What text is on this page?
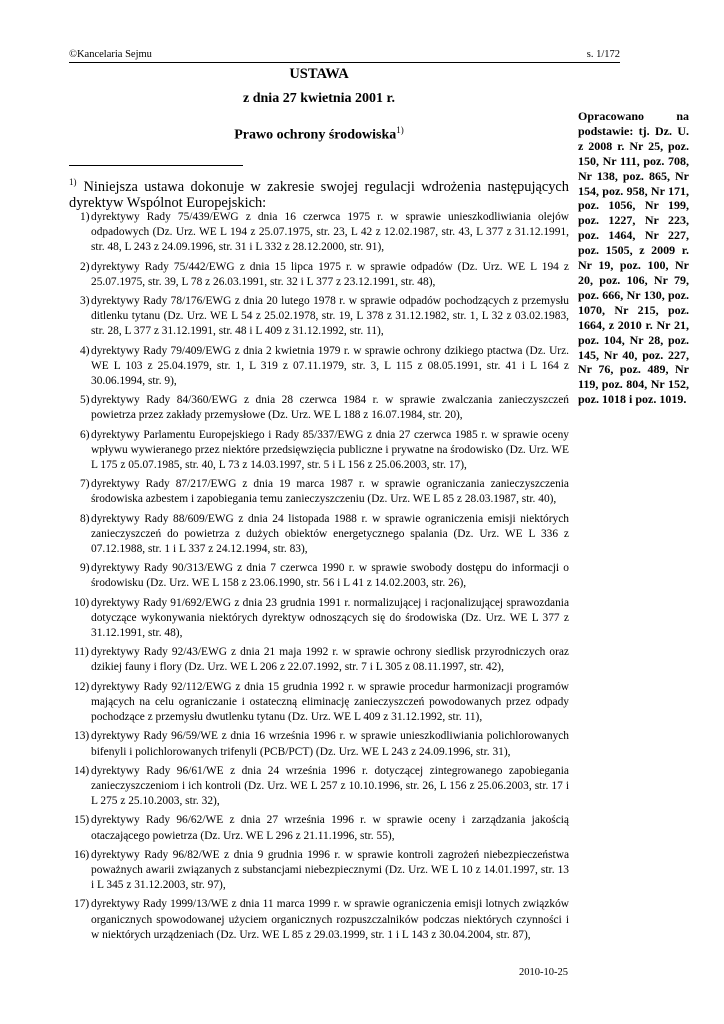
©Kancelaria Sejmu	s. 1/172
USTAWA
z dnia 27 kwietnia 2001 r.
Prawo ochrony środowiska$^{1)}$
Opracowano na podstawie: tj. Dz. U. z 2008 r. Nr 25, poz. 150, Nr 111, poz. 708, Nr 138, poz. 865, Nr 154, poz. 958, Nr 171, poz. 1056, Nr 199, poz. 1227, Nr 223, poz. 1464, Nr 227, poz. 1505, z 2009 r. Nr 19, poz. 100, Nr 20, poz. 106, Nr 79, poz. 666, Nr 130, poz. 1070, Nr 215, poz. 1664, z 2010 r. Nr 21, poz. 104, Nr 28, poz. 145, Nr 40, poz. 227, Nr 76, poz. 489, Nr 119, poz. 804, Nr 152, poz. 1018 i poz. 1019.
$^{1)}$ Niniejsza ustawa dokonuje w zakresie swojej regulacji wdrożenia następujących dyrektyw Wspólnot Europejskich:
1) dyrektywy Rady 75/439/EWG z dnia 16 czerwca 1975 r. w sprawie unieszkodliwiania olejów odpadowych (Dz. Urz. WE L 194 z 25.07.1975, str. 23, L 42 z 12.02.1987, str. 43, L 377 z 31.12.1991, str. 48, L 243 z 24.09.1996, str. 31 i L 332 z 28.12.2000, str. 91),
2) dyrektywy Rady 75/442/EWG z dnia 15 lipca 1975 r. w sprawie odpadów (Dz. Urz. WE L 194 z 25.07.1975, str. 39, L 78 z 26.03.1991, str. 32 i L 377 z 23.12.1991, str. 48),
3) dyrektywy Rady 78/176/EWG z dnia 20 lutego 1978 r. w sprawie odpadów pochodzących z przemysłu ditlenku tytanu (Dz. Urz. WE L 54 z 25.02.1978, str. 19, L 378 z 31.12.1982, str. 1, L 32 z 03.02.1983, str. 28, L 377 z 31.12.1991, str. 48 i L 409 z 31.12.1992, str. 11),
4) dyrektywy Rady 79/409/EWG z dnia 2 kwietnia 1979 r. w sprawie ochrony dzikiego ptactwa (Dz. Urz. WE L 103 z 25.04.1979, str. 1, L 319 z 07.11.1979, str. 3, L 115 z 08.05.1991, str. 41 i L 164 z 30.06.1994, str. 9),
5) dyrektywy Rady 84/360/EWG z dnia 28 czerwca 1984 r. w sprawie zwalczania zanieczyszczeń powietrza przez zakłady przemysłowe (Dz. Urz. WE L 188 z 16.07.1984, str. 20),
6) dyrektywy Parlamentu Europejskiego i Rady 85/337/EWG z dnia 27 czerwca 1985 r. w sprawie oceny wpływu wywieranego przez niektóre przedsięwzięcia publiczne i prywatne na środowisko (Dz. Urz. WE L 175 z 05.07.1985, str. 40, L 73 z 14.03.1997, str. 5 i L 156 z 25.06.2003, str. 17),
7) dyrektywy Rady 87/217/EWG z dnia 19 marca 1987 r. w sprawie ograniczania zanieczyszczenia środowiska azbestem i zapobiegania temu zanieczyszczeniu (Dz. Urz. WE L 85 z 28.03.1987, str. 40),
8) dyrektywy Rady 88/609/EWG z dnia 24 listopada 1988 r. w sprawie ograniczenia emisji niektórych zanieczyszczeń do powietrza z dużych obiektów energetycznego spalania (Dz. Urz. WE L 336 z 07.12.1988, str. 1 i L 337 z 24.12.1994, str. 83),
9) dyrektywy Rady 90/313/EWG z dnia 7 czerwca 1990 r. w sprawie swobody dostępu do informacji o środowisku (Dz. Urz. WE L 158 z 23.06.1990, str. 56 i L 41 z 14.02.2003, str. 26),
10) dyrektywy Rady 91/692/EWG z dnia 23 grudnia 1991 r. normalizującej i racjonalizującej sprawozdania dotyczące wykonywania niektórych dyrektyw odnoszących się do środowiska (Dz. Urz. WE L 377 z 31.12.1991, str. 48),
11) dyrektywy Rady 92/43/EWG z dnia 21 maja 1992 r. w sprawie ochrony siedlisk przyrodniczych oraz dzikiej fauny i flory (Dz. Urz. WE L 206 z 22.07.1992, str. 7 i L 305 z 08.11.1997, str. 42),
12) dyrektywy Rady 92/112/EWG z dnia 15 grudnia 1992 r. w sprawie procedur harmonizacji programów mających na celu ograniczanie i ostateczną eliminację zanieczyszczeń powodowanych przez odpady pochodzące z przemysłu dwutlenku tytanu (Dz. Urz. WE L 409 z 31.12.1992, str. 11),
13) dyrektywy Rady 96/59/WE z dnia 16 września 1996 r. w sprawie unieszkodliwiania polichlorowanych bifenyli i polichlorowanych trifenyli (PCB/PCT) (Dz. Urz. WE L 243 z 24.09.1996, str. 31),
14) dyrektywy Rady 96/61/WE z dnia 24 września 1996 r. dotyczącej zintegrowanego zapobiegania zanieczyszczeniom i ich kontroli (Dz. Urz. WE L 257 z 10.10.1996, str. 26, L 156 z 25.06.2003, str. 17 i L 275 z 25.10.2003, str. 32),
15) dyrektywy Rady 96/62/WE z dnia 27 września 1996 r. w sprawie oceny i zarządzania jakością otaczającego powietrza (Dz. Urz. WE L 296 z 21.11.1996, str. 55),
16) dyrektywy Rady 96/82/WE z dnia 9 grudnia 1996 r. w sprawie kontroli zagrożeń niebezpieczeństwa poważnych awarii związanych z substancjami niebezpiecznymi (Dz. Urz. WE L 10 z 14.01.1997, str. 13 i L 345 z 31.12.2003, str. 97),
17) dyrektywy Rady 1999/13/WE z dnia 11 marca 1999 r. w sprawie ograniczenia emisji lotnych związków organicznych spowodowanej użyciem organicznych rozpuszczalników podczas niektórych czynności i w niektórych urządzeniach (Dz. Urz. WE L 85 z 29.03.1999, str. 1 i L 143 z 30.04.2004, str. 87),
2010-10-25
